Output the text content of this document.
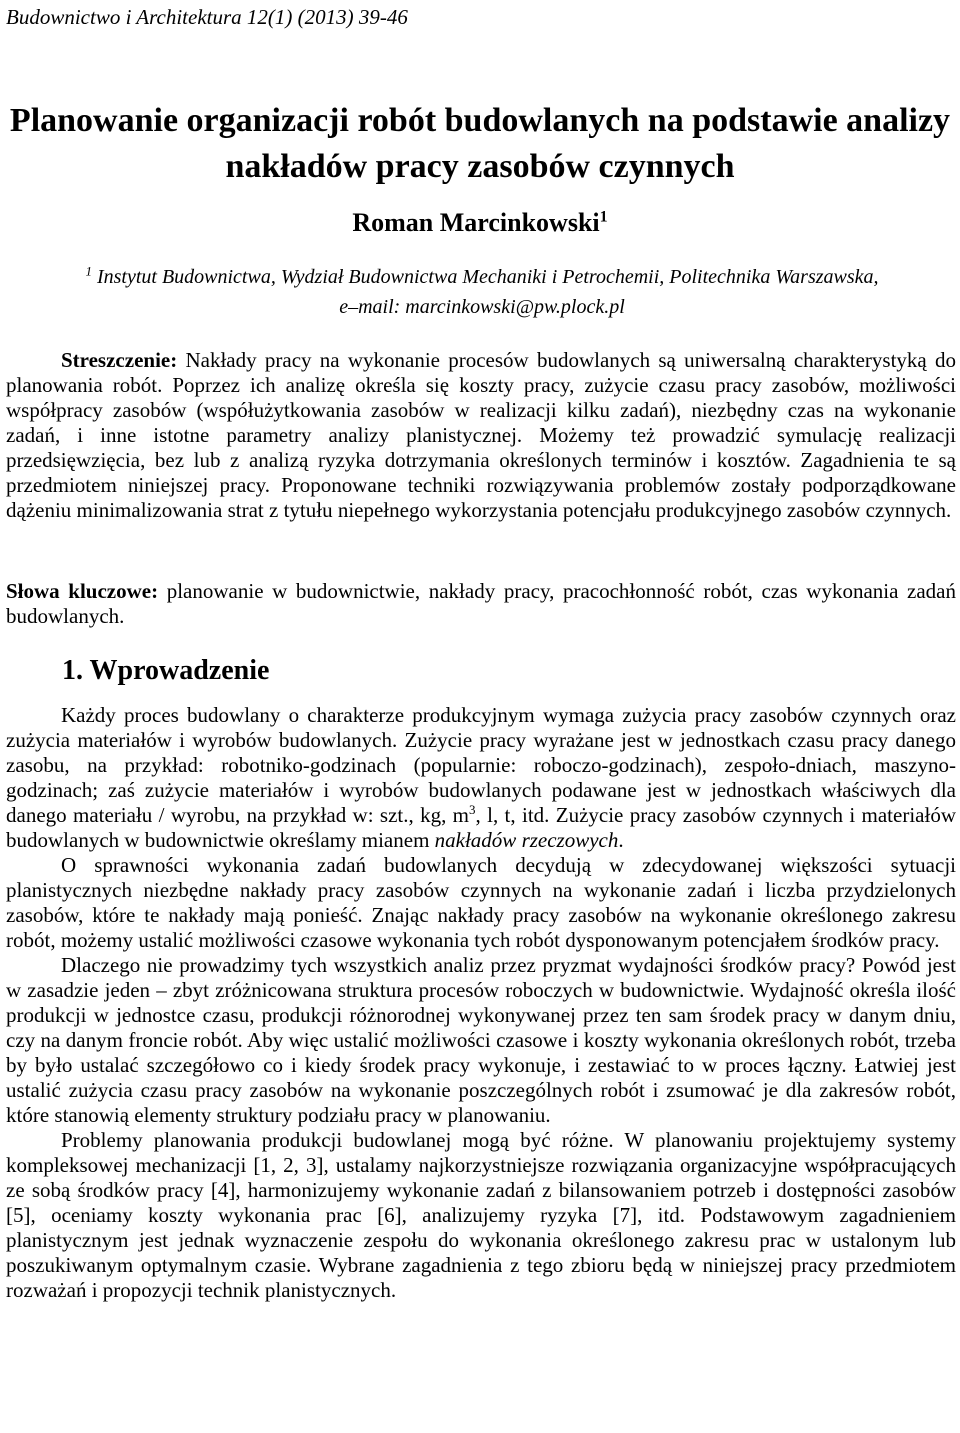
Budownictwo i Architektura 12(1) (2013) 39-46
Planowanie organizacji robót budowlanych na podstawie analizy nakładów pracy zasobów czynnych
Roman Marcinkowski$^1$
$^1$ Instytut Budownictwa, Wydział Budownictwa Mechaniki i Petrochemii, Politechnika Warszawska,
e–mail: marcinkowski@pw.plock.pl
Streszczenie: Nakłady pracy na wykonanie procesów budowlanych są uniwersalną charakterystyką do planowania robót. Poprzez ich analizę określa się koszty pracy, zużycie czasu pracy zasobów, możliwości współpracy zasobów (współużytkowania zasobów w realizacji kilku zadań), niezbędny czas na wykonanie zadań, i inne istotne parametry analizy planistycznej. Możemy też prowadzić symulację realizacji przedsięwzięcia, bez lub z analizą ryzyka dotrzymania określonych terminów i kosztów. Zagadnienia te są przedmiotem niniejszej pracy. Proponowane techniki rozwiązywania problemów zostały podporządkowane dążeniu minimalizowania strat z tytułu niepełnego wykorzystania potencjału produkcyjnego zasobów czynnych.
Słowa kluczowe: planowanie w budownictwie, nakłady pracy, pracochłonność robót, czas wykonania zadań budowlanych.
1. Wprowadzenie

Każdy proces budowlany o charakterze produkcyjnym wymaga zużycia pracy zasobów czynnych oraz zużycia materiałów i wyrobów budowlanych. Zużycie pracy wyrażane jest w jednostkach czasu pracy danego zasobu, na przykład: robotniko-godzinach (popularnie: roboczo-godzinach), zespoło-dniach, maszyno-godzinach; zaś zużycie materiałów i wyrobów budowlanych podawane jest w jednostkach właściwych dla danego materiału / wyrobu, na przykład w: szt., kg, $m^3$, l, t, itd. Zużycie pracy zasobów czynnych i materiałów budowlanych w budownictwie określamy mianem nakładów rzeczowych.

O sprawności wykonania zadań budowlanych decydują w zdecydowanej większości sytuacji planistycznych niezbędne nakłady pracy zasobów czynnych na wykonanie zadań i liczba przydzielonych zasobów, które te nakłady mają ponieść. Znając nakłady pracy zasobów na wykonanie określonego zakresu robót, możemy ustalić możliwości czasowe wykonania tych robót dysponowanym potencjałem środków pracy.

Dlaczego nie prowadzimy tych wszystkich analiz przez pryzmat wydajności środków pracy? Powód jest w zasadzie jeden – zbyt zróżnicowana struktura procesów roboczych w budownictwie. Wydajność określa ilość produkcji w jednostce czasu, produkcji różnorodnej wykonywanej przez ten sam środek pracy w danym dniu, czy na danym froncie robót. Aby więc ustalić możliwości czasowe i koszty wykonania określonych robót, trzeba by było ustalać szczegółowo co i kiedy środek pracy wykonuje, i zestawiać to w proces łączny. Łatwiej jest ustalić zużycia czasu pracy zasobów na wykonanie poszczególnych robót i zsumować je dla zakresów robót, które stanowią elementy struktury podziału pracy w planowaniu.

Problemy planowania produkcji budowlanej mogą być różne. W planowaniu projektujemy systemy kompleksowej mechanizacji [1, 2, 3], ustalamy najkorzystniejsze rozwiązania organizacyjne współpracujących ze sobą środków pracy [4], harmonizujemy wykonanie zadań z bilansowaniem potrzeb i dostępności zasobów [5], oceniamy koszty wykonania prac [6], analizujemy ryzyka [7], itd. Podstawowym zagadnieniem planistycznym jest jednak wyznaczenie zespołu do wykonania określonego zakresu prac w ustalonym lub poszukiwanym optymalnym czasie. Wybrane zagadnienia z tego zbioru będą w niniejszej pracy przedmiotem rozważań i propozycji technik planistycznych.
